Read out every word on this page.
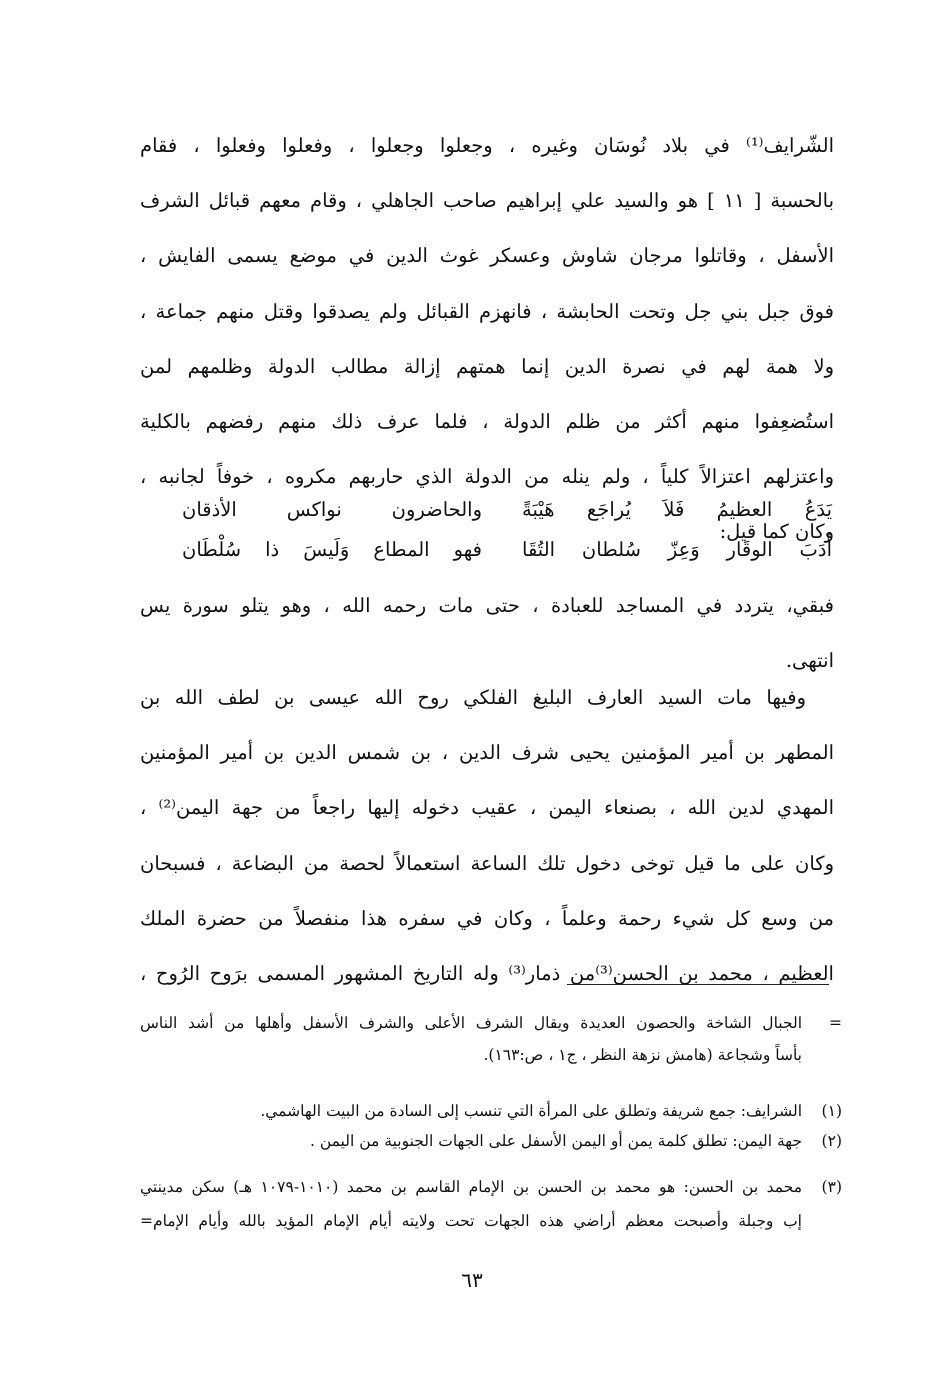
الشّرايف⁽¹⁾ في بلاد نُوسَان وغيره ، وجعلوا وجعلوا ، وفعلوا وفعلوا ، فقام
بالحسبة [ ١١ ] هو والسيد علي إبراهيم صاحب الجاهلي ، وقام معهم قبائل الشرف
الأسفل ، وقاتلوا مرجان شاوش وعسكر غوث الدين في موضع يسمى الفايش ،
فوق جبل بني جل وتحت الحابشة ، فانهزم القبائل ولم يصدقوا وقتل منهم جماعة ،
ولا همة لهم في نصرة الدين إنما همتهم إزالة مطالب الدولة وظلمهم لمن
استُضعِفوا منهم أكثر من ظلم الدولة ، فلما عرف ذلك منهم رفضهم بالكلية
واعتزلهم اعتزالاً كلياً ، ولم ينله من الدولة الذي حاربهم مكروه ، خوفاً لجانبه ،
وكان كما قيل:
يَدَعُ العظيمُ فَلاَ يُراجَع هَيْبَةً
والحاضرون نواكس الأذقان
أَدَبَ الوقَار وَعِزّ سُلطان التُقَا
فهو المطاع وَلَيسَ ذا سُلْطَان
فبقي، يتردد في المساجد للعبادة ، حتى مات رحمه الله ، وهو يتلو سورة يس
انتهى.
وفيها مات السيد العارف البليغ الفلكي روح الله عيسى بن لطف الله بن
المطهر بن أمير المؤمنين يحيى شرف الدين ، بن شمس الدين بن أمير المؤمنين
المهدي لدين الله ، بصنعاء اليمن ، عقيب دخوله إليها راجعاً من جهة اليمن⁽²⁾ ،
وكان على ما قيل توخى دخول تلك الساعة استعمالاً لحصة من البضاعة ، فسبحان
من وسع كل شيء رحمة وعلماً ، وكان في سفره هذا منفصلاً من حضرة الملك
العظيم ، محمد بن الحسن⁽³⁾من ذمار⁽³⁾ وله التاريخ المشهور المسمى برَوح الرُوح ،
=
الجبال الشاخة والحصون العديدة ويقال الشرف الأعلى والشرف الأسفل وأهلها من أشد الناس
بأساً وشجاعة (هامش نزهة النظر ، ج١ ، ص:١٦٣).
(١)
الشرايف: جمع شريفة وتطلق على المرأة التي تنسب إلى السادة من البيت الهاشمي.
(٢)
جهة اليمن: تطلق كلمة يمن أو اليمن الأسفل على الجهات الجنوبية من اليمن .
(٣)
محمد بن الحسن: هو محمد بن الحسن بن الإمام القاسم بن محمد (١٠١٠-١٠٧٩ هـ) سكن مدينتي
إب وجبلة وأصبحت معظم أراضي هذه الجهات تحت ولايته أيام الإمام المؤيد بالله وأيام الإمام=
٦٣
